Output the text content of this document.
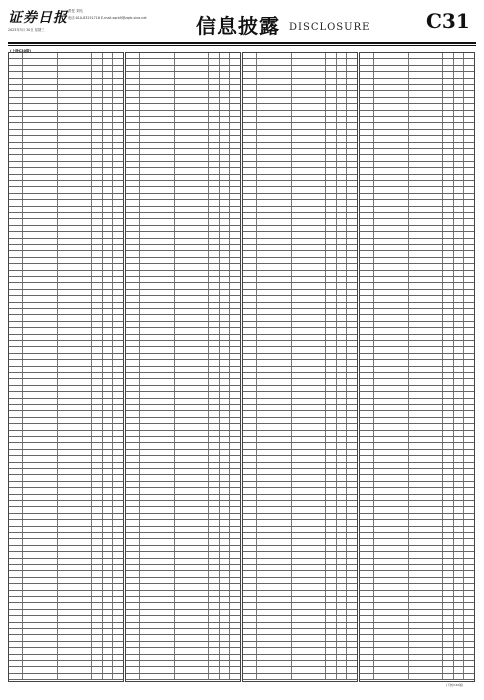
证券日报 责任 刘凡
电话:010-83251716 E-mail:zqrb9@zqrb.sina.net
2023年3月 30日 星期三	信息披露 DISCLOSURE	C31
(上接C30版)
(下转C32版)
